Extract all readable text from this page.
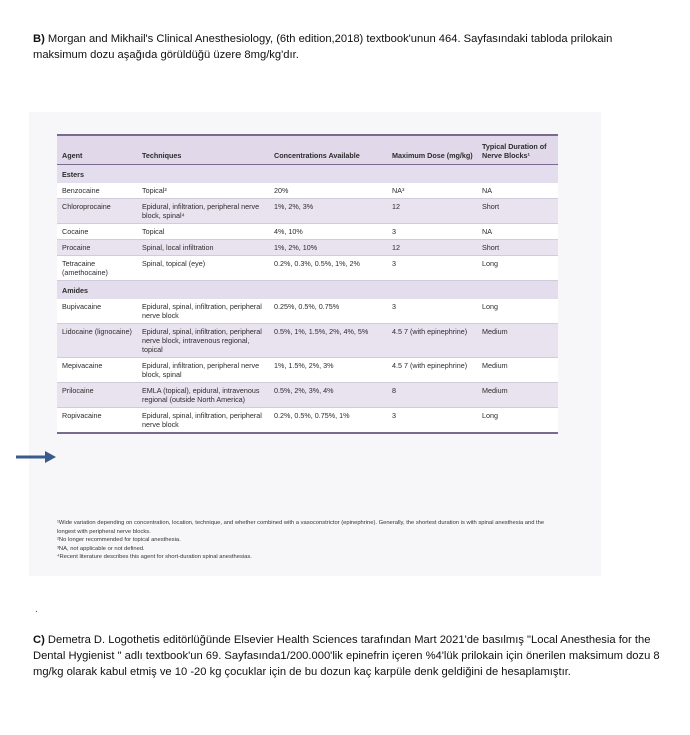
B) Morgan and Mikhail's Clinical Anesthesiology, (6th edition,2018) textbook'unun 464. Sayfasındaki tabloda prilokain maksimum dozu aşağıda görüldüğü üzere 8mg/kg'dır.
Agent	Techniques	Concentrations Available	Maximum Dose (mg/kg)	Typical Duration of Nerve Blocks¹
Esters				
Benzocaine	Topical²	20%	NA³	NA
Chloroprocaine	Epidural, infiltration, peripheral nerve block, spinal⁴	1%, 2%, 3%	12	Short
Cocaine	Topical	4%, 10%	3	NA
Procaine	Spinal, local infiltration	1%, 2%, 10%	12	Short
Tetracaine (amethocaine)	Spinal, topical (eye)	0.2%, 0.3%, 0.5%, 1%, 2%	3	Long
Amides				
Bupivacaine	Epidural, spinal, infiltration, peripheral nerve block	0.25%, 0.5%, 0.75%	3	Long
Lidocaine (lignocaine)	Epidural, spinal, infiltration, peripheral nerve block, intravenous regional, topical	0.5%, 1%, 1.5%, 2%, 4%, 5%	4.5 7 (with epinephrine)	Medium
Mepivacaine	Epidural, infiltration, peripheral nerve block, spinal	1%, 1.5%, 2%, 3%	4.5 7 (with epinephrine)	Medium
Prilocaine	EMLA (topical), epidural, intravenous regional (outside North America)	0.5%, 2%, 3%, 4%	8	Medium
Ropivacaine	Epidural, spinal, infiltration, peripheral nerve block	0.2%, 0.5%, 0.75%, 1%	3	Long

¹Wide variation depending on concentration, location, technique, and whether combined with a vasoconstrictor (epinephrine). Generally, the shortest duration is with spinal anesthesia and the longest with peripheral nerve blocks.

²No longer recommended for topical anesthesia.

³NA, not applicable or not defined.

⁴Recent literature describes this agent for short-duration spinal anesthesias.

.
C) Demetra D. Logothetis editörlüğünde Elsevier Health Sciences tarafından Mart 2021'de basılmış "Local Anesthesia for the Dental Hygienist " adlı textbook'un 69. Sayfasında1/200.000'lik epinefrin içeren %4'lük prilokain için önerilen maksimum dozu 8 mg/kg olarak kabul etmiş ve 10 -20 kg çocuklar için de bu dozun kaç karpüle denk geldiğini de hesaplamıştır.
